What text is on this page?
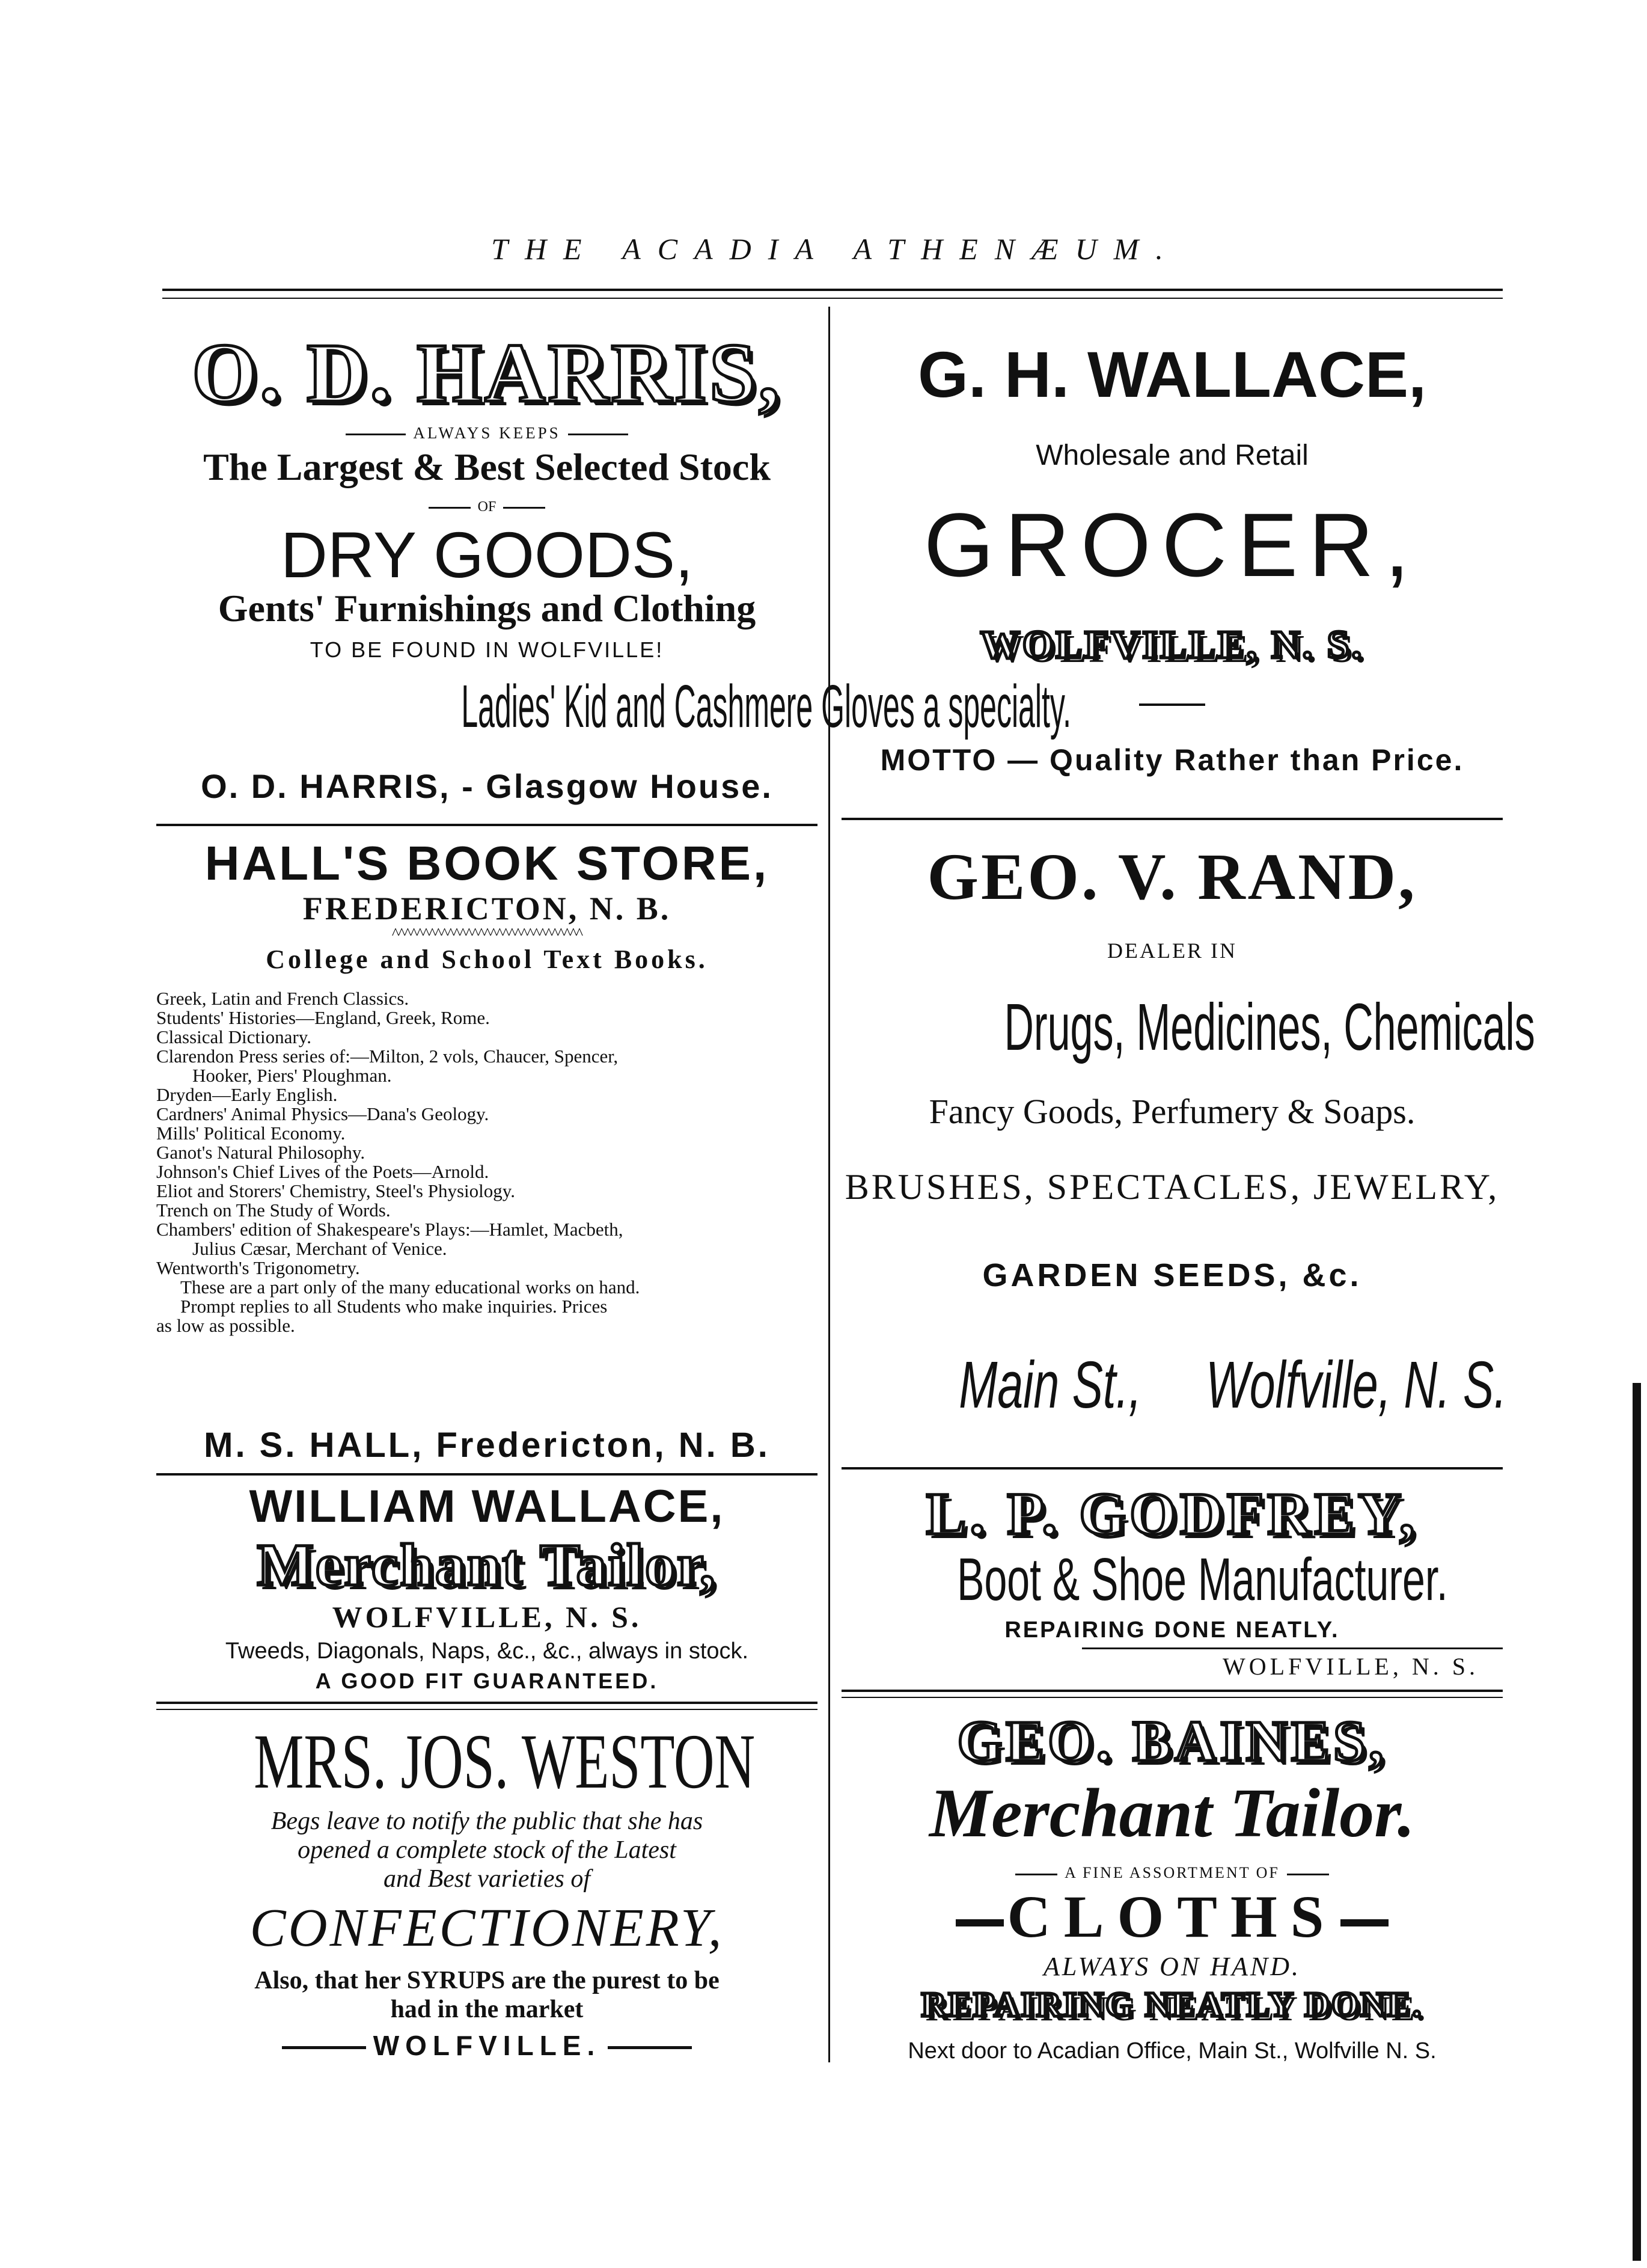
THE ACADIA ATHENÆUM.
O. D. HARRIS,
ALWAYS KEEPS
The Largest & Best Selected Stock
OF
DRY GOODS,
Gents' Furnishings and Clothing
TO BE FOUND IN WOLFVILLE!
Ladies' Kid and Cashmere Gloves a specialty.
O. D. HARRIS, - Glasgow House.
HALL'S BOOK STORE,
FREDERICTON, N. B.
^^^^^^^^^^^^^^^^^^^^^^^^^^^^^^^
College and School Text Books.
Greek, Latin and French Classics.
Students' Histories—England, Greek, Rome.
Classical Dictionary.
Clarendon Press series of:—Milton, 2 vols, Chaucer, Spencer,
Hooker, Piers' Ploughman.
Dryden—Early English.
Cardners' Animal Physics—Dana's Geology.
Mills' Political Economy.
Ganot's Natural Philosophy.
Johnson's Chief Lives of the Poets—Arnold.
Eliot and Storers' Chemistry, Steel's Physiology.
Trench on The Study of Words.
Chambers' edition of Shakespeare's Plays:—Hamlet, Macbeth,
Julius Cæsar, Merchant of Venice.
Wentworth's Trigonometry.
These are a part only of the many educational works on hand.
Prompt replies to all Students who make inquiries. Prices
as low as possible.
M. S. HALL, Fredericton, N. B.
WILLIAM WALLACE,
Merchant Tailor,
WOLFVILLE, N. S.
Tweeds, Diagonals, Naps, &c., &c., always in stock.
A GOOD FIT GUARANTEED.
MRS. JOS. WESTON
Begs leave to notify the public that she has
opened a complete stock of the Latest
and Best varieties of
CONFECTIONERY,
Also, that her SYRUPS are the purest to be
had in the market
WOLFVILLE.
G. H. WALLACE,
Wholesale and Retail
GROCER,
WOLFVILLE, N. S.
MOTTO — Quality Rather than Price.
GEO. V. RAND,
DEALER IN
Drugs, Medicines, Chemicals
Fancy Goods, Perfumery & Soaps.
BRUSHES, SPECTACLES, JEWELRY,
GARDEN SEEDS, &c.
Main St.,     Wolfville, N. S.
L. P. GODFREY,
Boot & Shoe Manufacturer.
REPAIRING DONE NEATLY.
WOLFVILLE, N. S.
GEO. BAINES,
Merchant Tailor.
A FINE ASSORTMENT OF
CLOTHS
ALWAYS ON HAND.
REPAIRING NEATLY DONE.
Next door to Acadian Office, Main St., Wolfville N. S.
